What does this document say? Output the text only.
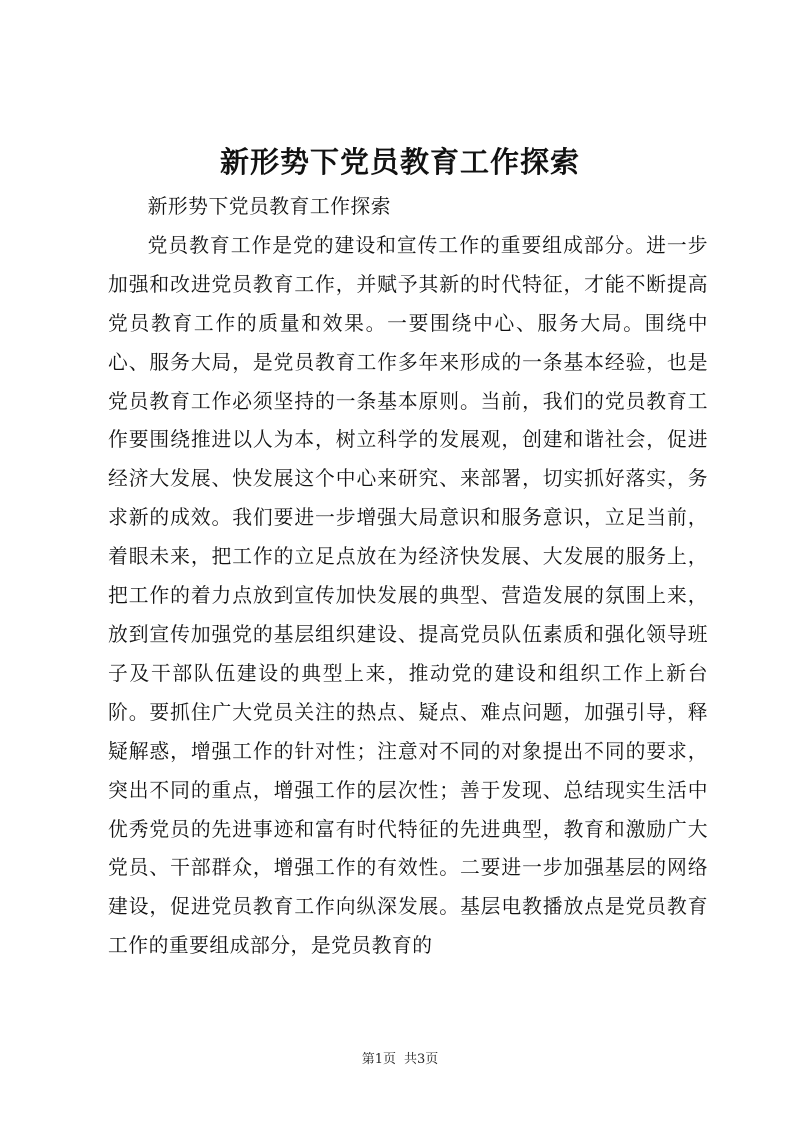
新形势下党员教育工作探索

新形势下党员教育工作探索

党员教育工作是党的建设和宣传工作的重要组成部分。进一步加强和改进党员教育工作，并赋予其新的时代特征，才能不断提高党员教育工作的质量和效果。一要围绕中心、服务大局。围绕中心、服务大局，是党员教育工作多年来形成的一条基本经验，也是党员教育工作必须坚持的一条基本原则。当前，我们的党员教育工作要围绕推进以人为本，树立科学的发展观，创建和谐社会，促进经济大发展、快发展这个中心来研究、来部署，切实抓好落实，务求新的成效。我们要进一步增强大局意识和服务意识，立足当前，着眼未来，把工作的立足点放在为经济快发展、大发展的服务上，把工作的着力点放到宣传加快发展的典型、营造发展的氛围上来，放到宣传加强党的基层组织建设、提高党员队伍素质和强化领导班子及干部队伍建设的典型上来，推动党的建设和组织工作上新台阶。要抓住广大党员关注的热点、疑点、难点问题，加强引导，释疑解惑，增强工作的针对性；注意对不同的对象提出不同的要求，突出不同的重点，增强工作的层次性；善于发现、总结现实生活中优秀党员的先进事迹和富有时代特征的先进典型，教育和激励广大党员、干部群众，增强工作的有效性。二要进一步加强基层的网络建设，促进党员教育工作向纵深发展。基层电教播放点是党员教育工作的重要组成部分，是党员教育的

第1页 共3页
